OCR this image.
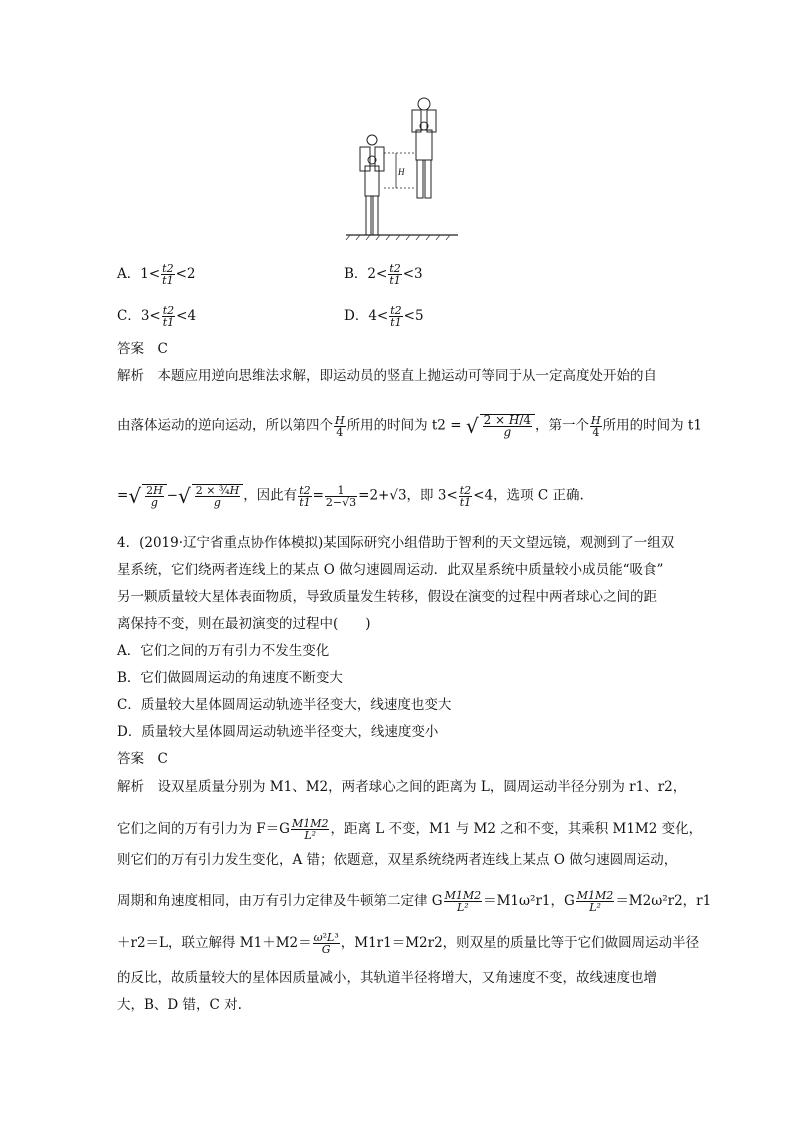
H
A．$1< \frac{t2}{t1} <2$	B．$2< \frac{t2}{t1} <3$
C．$3< \frac{t2}{t1} <4$	D．$4< \frac{t2}{t1} <5$
答案　C
解析　本题应用逆向思维法求解，即运动员的竖直上抛运动可等同于从一定高度处开始的自
由落体运动的逆向运动，所以第四个 $\frac{H}{4}$ 所用的时间为 t2 = √ $\frac{2 \times H/4}{g}$ ，第一个 $\frac{H}{4}$ 所用的时间为 t1
=√ $\frac{2H}{g}$ −√ $\frac{\text{2 × ¾H}}{g}$ ，因此有 $\frac{t2}{t1} = \frac{1}{2-√3} =2+√3$，即 $3< \frac{t2}{t1} <4$，选项 C 正确.
4．(2019·辽宁省重点协作体模拟)某国际研究小组借助于智利的天文望远镜，观测到了一组双
星系统，它们绕两者连线上的某点 O 做匀速圆周运动．此双星系统中质量较小成员能“吸食”
另一颗质量较大星体表面物质，导致质量发生转移，假设在演变的过程中两者球心之间的距
离保持不变，则在最初演变的过程中(　　)
A．它们之间的万有引力不发生变化
B．它们做圆周运动的角速度不断变大
C．质量较大星体圆周运动轨迹半径变大，线速度也变大
D．质量较大星体圆周运动轨迹半径变大，线速度变小
答案　C
解析　设双星质量分别为 M1、M2，两者球心之间的距离为 L，圆周运动半径分别为 r1、r2，
它们之间的万有引力为 $F=G \frac{M1M2}{\text{L²}}$ ，距离 L 不变，M1 与 M2 之和不变，其乘积 M1M2 变化，
则它们的万有引力发生变化，A 错；依题意，双星系统绕两者连线上某点 O 做匀速圆周运动，
周期和角速度相同，由万有引力定律及牛顿第二定律 G $\frac{M1M2}{\text{L²}} =M1\omega^2r1$，G $\frac{M1M2}{\text{L²}} =M2\omega^2r2$，r1
＋r2＝L，联立解得 $M1+M2= \frac{\text{ω²L³}}{G}$ ，M1r1＝M2r2，则双星的质量比等于它们做圆周运动半径
的反比，故质量较大的星体因质量减小，其轨道半径将增大，又角速度不变，故线速度也增
大，B、D 错，C 对.
